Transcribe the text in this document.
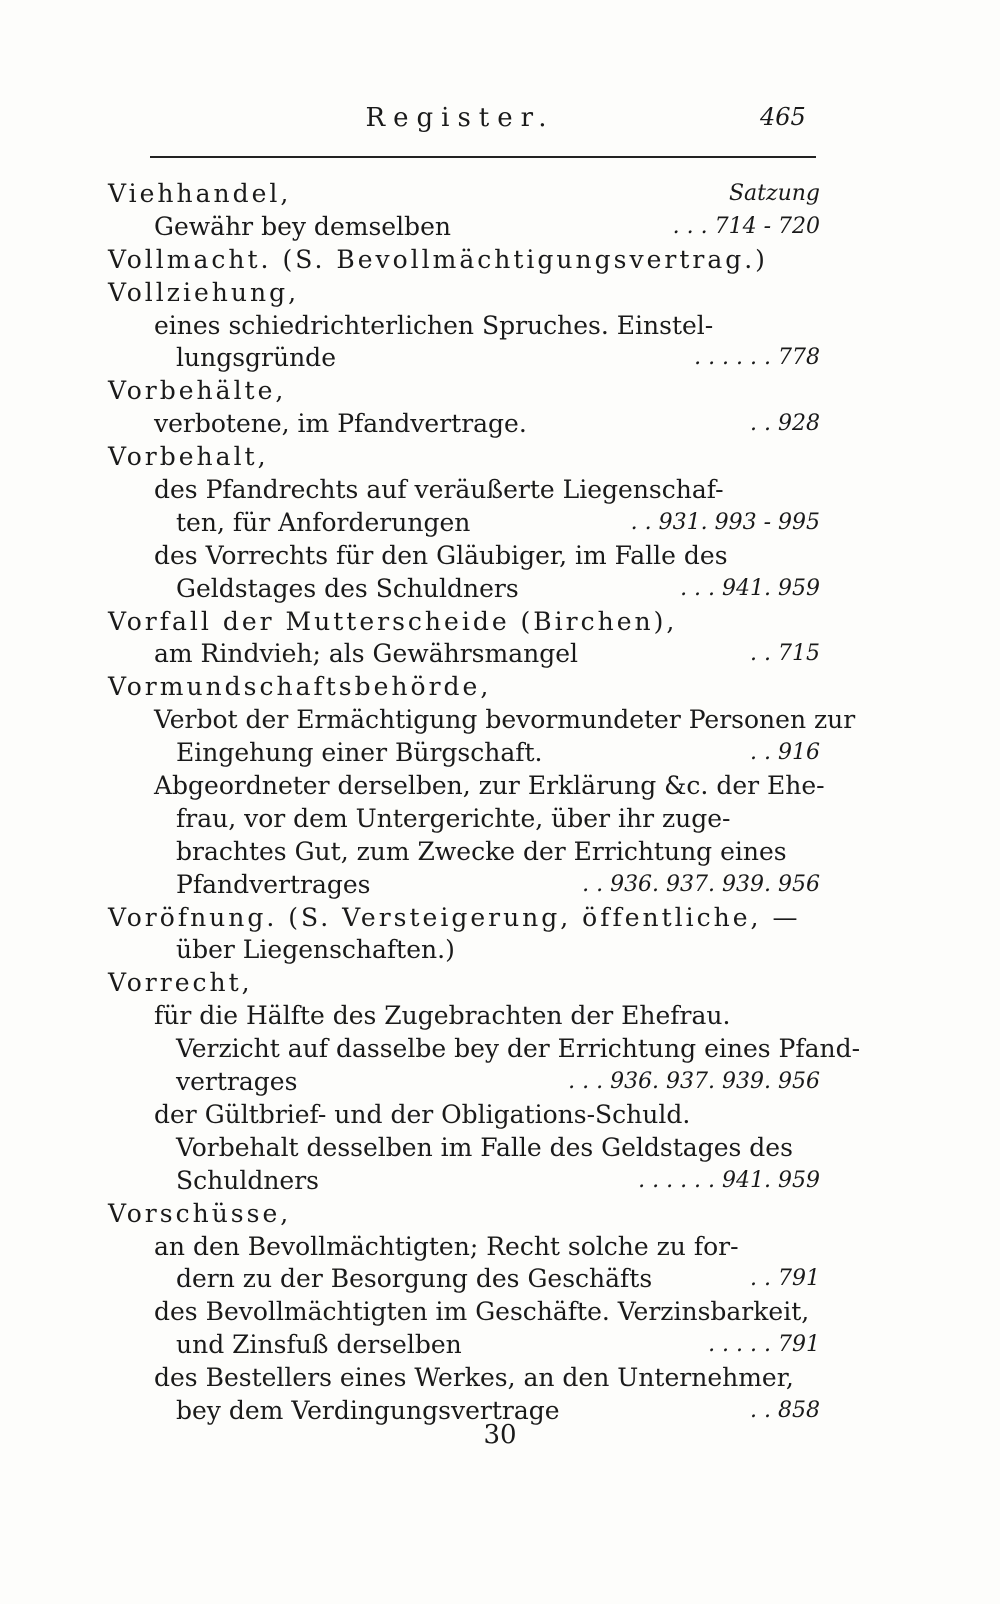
Register.	465
Viehhandel,	Satzung
Gewähr bey demselben	. . . 714 - 720
Vollmacht. (S. Bevollmächtigungsvertrag.)
Vollziehung,
eines schiedrichterlichen Spruches. Einstel-
lungsgründe	. . . . . . 778
Vorbehälte,
verbotene, im Pfandvertrage.	. . 928
Vorbehalt,
des Pfandrechts auf veräußerte Liegenschaf-
ten, für Anforderungen	. . 931. 993 - 995
des Vorrechts für den Gläubiger, im Falle des
Geldstages des Schuldners	. . . 941. 959
Vorfall der Mutterscheide (Birchen),
am Rindvieh; als Gewährsmangel	. . 715
Vormundschaftsbehörde,
Verbot der Ermächtigung bevormundeter Personen zur
Eingehung einer Bürgschaft.	. . 916
Abgeordneter derselben, zur Erklärung &c. der Ehe-
frau, vor dem Untergerichte, über ihr zuge-
brachtes Gut, zum Zwecke der Errichtung eines
Pfandvertrages	. . 936. 937. 939. 956
Voröfnung. (S. Versteigerung, öffentliche, —
über Liegenschaften.)
Vorrecht,
für die Hälfte des Zugebrachten der Ehefrau.
Verzicht auf dasselbe bey der Errichtung eines Pfand-
vertrages	. . . 936. 937. 939. 956
der Gültbrief- und der Obligations-Schuld.
Vorbehalt desselben im Falle des Geldstages des
Schuldners	. . . . . . 941. 959
Vorschüsse,
an den Bevollmächtigten; Recht solche zu for-
dern zu der Besorgung des Geschäfts	. . 791
des Bevollmächtigten im Geschäfte. Verzinsbarkeit,
und Zinsfuß derselben	. . . . . 791
des Bestellers eines Werkes, an den Unternehmer,
bey dem Verdingungsvertrage	. . 858
30
